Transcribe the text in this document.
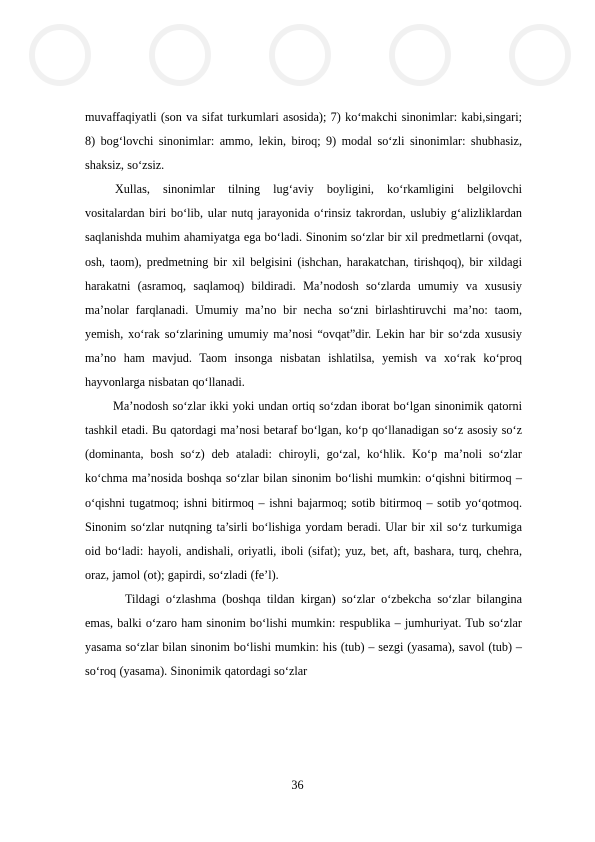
muvaffaqiyatli (son va sifat turkumlari asosida); 7) ko‘makchi sinonimlar: kabi,singari; 8) bog‘lovchi sinonimlar: ammo, lekin, biroq; 9) modal so‘zli sinonimlar: shubhasiz, shaksiz, so‘zsiz.

Xullas, sinonimlar tilning lug‘aviy boyligini, ko‘rkamligini belgilovchi vositalardan biri bo‘lib, ular nutq jarayonida o‘rinsiz takrordan, uslubiy g‘alizliklardan saqlanishda muhim ahamiyatga ega bo‘ladi. Sinonim so‘zlar bir xil predmetlarni (ovqat, osh, taom), predmetning bir xil belgisini (ishchan, harakatchan, tirishqoq), bir xildagi harakatni (asramoq, saqlamoq) bildiradi. Ma’nodosh so‘zlarda umumiy va xususiy ma’nolar farqlanadi. Umumiy ma’no bir necha so‘zni birlashtiruvchi ma’no: taom, yemish, xo‘rak so‘zlarining umumiy ma’nosi “ovqat”dir. Lekin har bir so‘zda xususiy ma’no ham mavjud. Taom insonga nisbatan ishlatilsa, yemish va xo‘rak ko‘proq hayvonlarga nisbatan qo‘llanadi.

Ma’nodosh so‘zlar ikki yoki undan ortiq so‘zdan iborat bo‘lgan sinonimik qatorni tashkil etadi. Bu qatordagi ma’nosi betaraf bo‘lgan, ko‘p qo‘llanadigan so‘z asosiy so‘z (dominanta, bosh so‘z) deb ataladi: chiroyli, go‘zal, ko‘hlik. Ko‘p ma’noli so‘zlar ko‘chma ma’nosida boshqa so‘zlar bilan sinonim bo‘lishi mumkin: o‘qishni bitirmoq – o‘qishni tugatmoq; ishni bitirmoq – ishni bajarmoq; sotib bitirmoq – sotib yo‘qotmoq. Sinonim so‘zlar nutqning ta’sirli bo‘lishiga yordam beradi. Ular bir xil so‘z turkumiga oid bo‘ladi: hayoli, andishali, oriyatli, iboli (sifat); yuz, bet, aft, bashara, turq, chehra, oraz, jamol (ot); gapirdi, so‘zladi (fe’l).

Tildagi o‘zlashma (boshqa tildan kirgan) so‘zlar o‘zbekcha so‘zlar bilangina emas, balki o‘zaro ham sinonim bo‘lishi mumkin: respublika – jumhuriyat. Tub so‘zlar yasama so‘zlar bilan sinonim bo‘lishi mumkin: his (tub) – sezgi (yasama), savol (tub) – so‘roq (yasama). Sinonimik qatordagi so‘zlar

36
